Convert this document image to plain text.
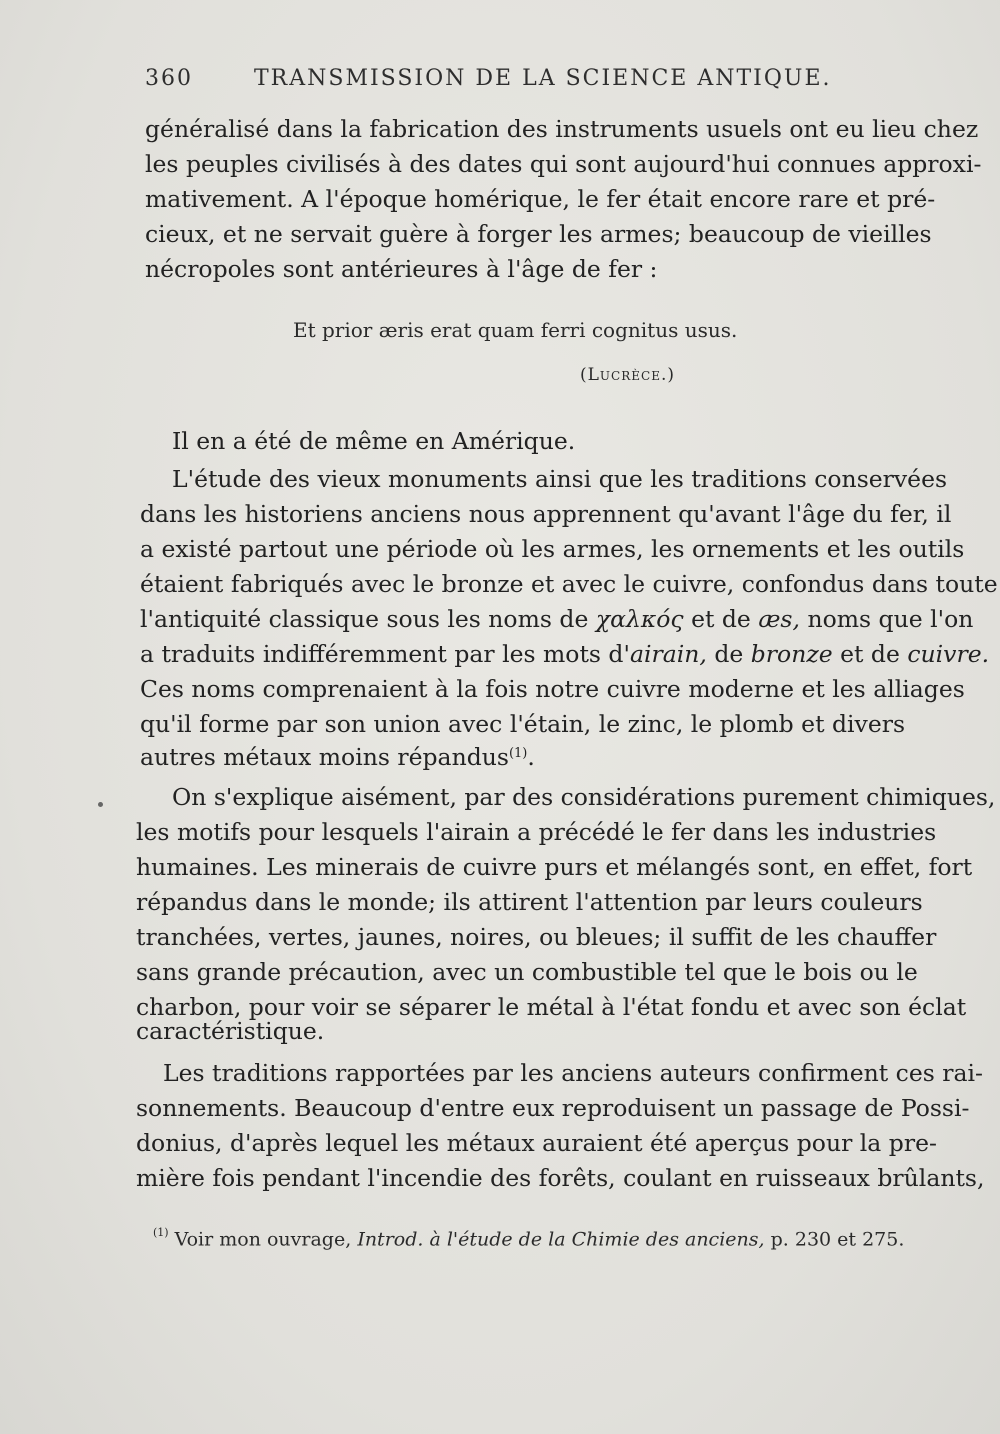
360	TRANSMISSION DE LA SCIENCE ANTIQUE.
généralisé dans la fabrication des instruments usuels ont eu lieu chez
les peuples civilisés à des dates qui sont aujourd'hui connues approxi-
mativement. A l'époque homérique, le fer était encore rare et pré-
cieux, et ne servait guère à forger les armes; beaucoup de vieilles
nécropoles sont antérieures à l'âge de fer :
Et prior æris erat quam ferri cognitus usus.
(Lucrèce.)
Il en a été de même en Amérique.
L'étude des vieux monuments ainsi que les traditions conservées
dans les historiens anciens nous apprennent qu'avant l'âge du fer, il
a existé partout une période où les armes, les ornements et les outils
étaient fabriqués avec le bronze et avec le cuivre, confondus dans toute
l'antiquité classique sous les noms de χαλκός et de æs, noms que l'on
a traduits indifféremment par les mots d'airain, de bronze et de cuivre.
Ces noms comprenaient à la fois notre cuivre moderne et les alliages
qu'il forme par son union avec l'étain, le zinc, le plomb et divers
autres métaux moins répandus$^{(1)}$.
On s'explique aisément, par des considérations purement chimiques,
les motifs pour lesquels l'airain a précédé le fer dans les industries
humaines. Les minerais de cuivre purs et mélangés sont, en effet, fort
répandus dans le monde; ils attirent l'attention par leurs couleurs
tranchées, vertes, jaunes, noires, ou bleues; il suffit de les chauffer
sans grande précaution, avec un combustible tel que le bois ou le
charbon, pour voir se séparer le métal à l'état fondu et avec son éclat
caractéristique.
Les traditions rapportées par les anciens auteurs confirment ces rai-
sonnements. Beaucoup d'entre eux reproduisent un passage de Possi-
donius, d'après lequel les métaux auraient été aperçus pour la pre-
mière fois pendant l'incendie des forêts, coulant en ruisseaux brûlants,
$^{(1)}$ Voir mon ouvrage, Introd. à l'étude de la Chimie des anciens, p. 230 et 275.
